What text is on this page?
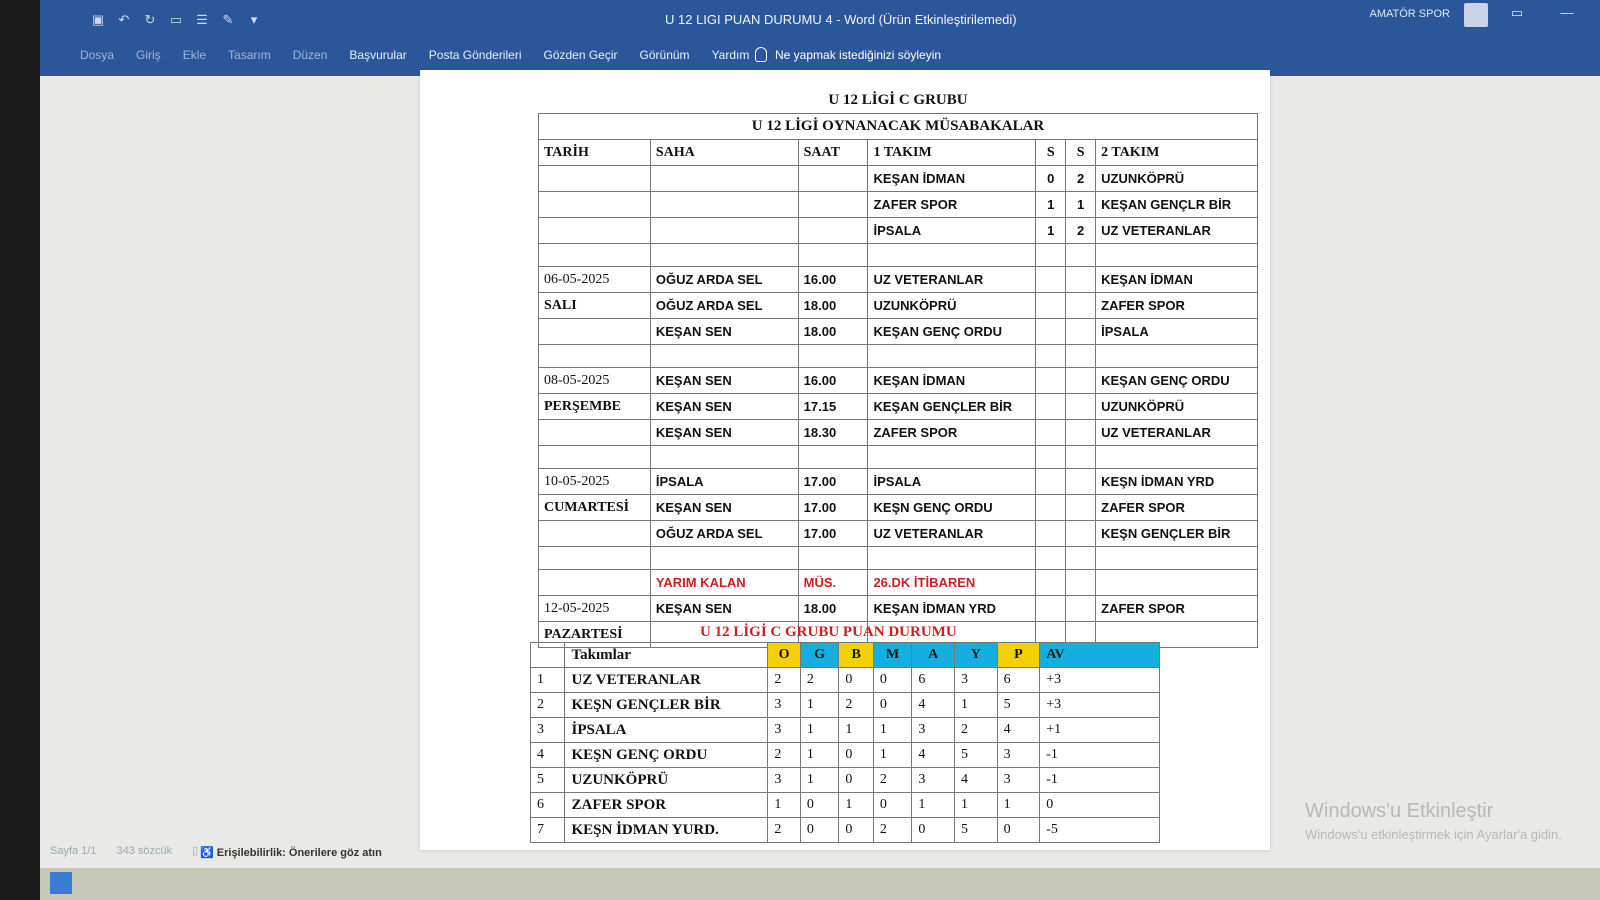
▣ ↶ ↻ ▭ ☰ ✎	▾	U 12 LIGI PUAN DURUMU 4 - Word (Ürün Etkinleştirilemedi)	AMATÖR SPOR	▭	—
Dosya Giriş Ekle Tasarım Düzen Başvurular Posta Gönderileri Gözden Geçir Görünüm Yardım Ne yapmak istediğinizi söyleyin
U 12 LİGİ C GRUBU						
U 12 LİGİ OYNANACAK MÜSABAKALAR						
TARİH	SAHA	SAAT	1 TAKIM	S	S	2 TAKIM
			KEŞAN İDMAN	0	2	UZUNKÖPRÜ
			ZAFER SPOR	1	1	KEŞAN GENÇLR BİR
			İPSALA	1	2	UZ VETERANLAR

06-05-2025	OĞUZ ARDA SEL	16.00	UZ VETERANLAR			KEŞAN İDMAN
SALI	OĞUZ ARDA SEL	18.00	UZUNKÖPRÜ			ZAFER SPOR
	KEŞAN SEN	18.00	KEŞAN GENÇ ORDU			İPSALA

08-05-2025	KEŞAN SEN	16.00	KEŞAN İDMAN			KEŞAN GENÇ ORDU
PERŞEMBE	KEŞAN SEN	17.15	KEŞAN GENÇLER BİR			UZUNKÖPRÜ
	KEŞAN SEN	18.30	ZAFER SPOR			UZ VETERANLAR

10-05-2025	İPSALA	17.00	İPSALA			KEŞN İDMAN YRD
CUMARTESİ	KEŞAN SEN	17.00	KEŞN GENÇ ORDU			ZAFER SPOR
	OĞUZ ARDA SEL	17.00	UZ VETERANLAR			KEŞN GENÇLER BİR

	YARIM KALAN	MÜS.	26.DK İTİBAREN			
12-05-2025	KEŞAN SEN	18.00	KEŞAN İDMAN YRD			ZAFER SPOR
PAZARTESİ							U 12 LİGİ C GRUBU PUAN DURUMU
	Takımlar	O	G	B	M	A	Y	P	AV
1	UZ VETERANLAR	2	2	0	0	6	3	6	+3
2	KEŞN GENÇLER BİR	3	1	2	0	4	1	5	+3
3	İPSALA	3	1	1	1	3	2	4	+1
4	KEŞN GENÇ ORDU	2	1	0	1	4	5	3	-1
5	UZUNKÖPRÜ	3	1	0	2	3	4	3	-1
6	ZAFER SPOR	1	0	1	0	1	1	1	0
7	KEŞN İDMAN YURD.	2	0	0	2	0	5	0	-5
Windows'u Etkinleştir
Windows'u etkinleştirmek için Ayarlar'a gidin.
Sayfa 1/1 343 sözcük ▯ ♿ Erişilebilirlik: Önerilere göz atın
